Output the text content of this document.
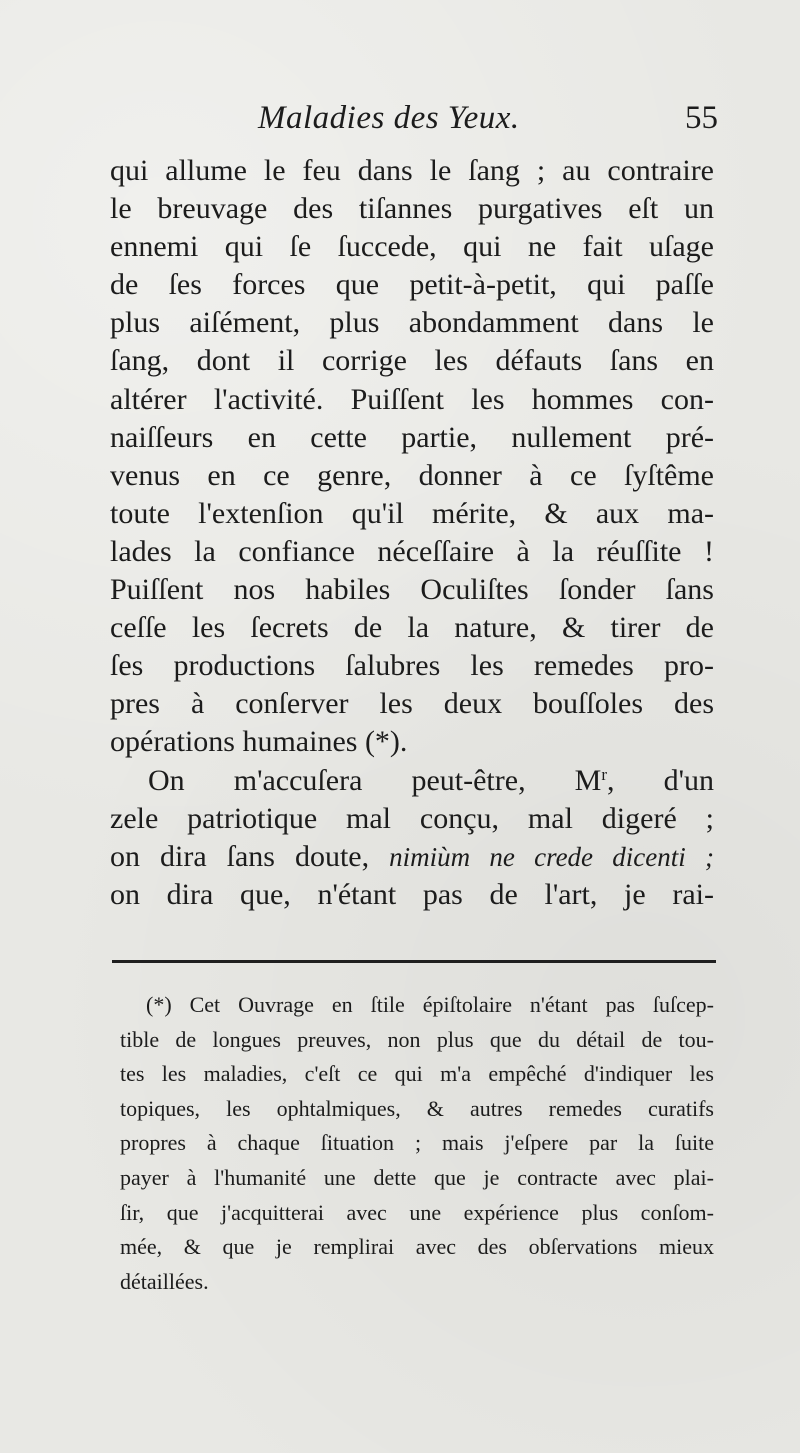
Maladies des Yeux.	55
qui allume le feu dans le ſang ; au contraire
le breuvage des tiſannes purgatives eſt un
ennemi qui ſe ſuccede, qui ne fait uſage
de ſes forces que petit-à-petit, qui paſſe
plus aiſément, plus abondamment dans le
ſang, dont il corrige les défauts ſans en
altérer l'activité. Puiſſent les hommes con-
naiſſeurs en cette partie, nullement pré-
venus en ce genre, donner à ce ſyſtême
toute l'extenſion qu'il mérite, & aux ma-
lades la confiance néceſſaire à la réuſſite !
Puiſſent nos habiles Oculiſtes ſonder ſans
ceſſe les ſecrets de la nature, & tirer de
ſes productions ſalubres les remedes pro-
pres à conſerver les deux bouſſoles des
opérations humaines (*).
On m'accuſera peut-être, $M^r$, d'un
zele patriotique mal conçu, mal digeré ;
on dira ſans doute, nimiùm ne crede dicenti ;
on dira que, n'étant pas de l'art, je rai-
(*) Cet Ouvrage en ſtile épiſtolaire n'étant pas ſuſcep-
tible de longues preuves, non plus que du détail de tou-
tes les maladies, c'eſt ce qui m'a empêché d'indiquer les
topiques, les ophtalmiques, & autres remedes curatifs
propres à chaque ſituation ; mais j'eſpere par la ſuite
payer à l'humanité une dette que je contracte avec plai-
ſir, que j'acquitterai avec une expérience plus conſom-
mée, & que je remplirai avec des obſervations mieux
détaillées.
